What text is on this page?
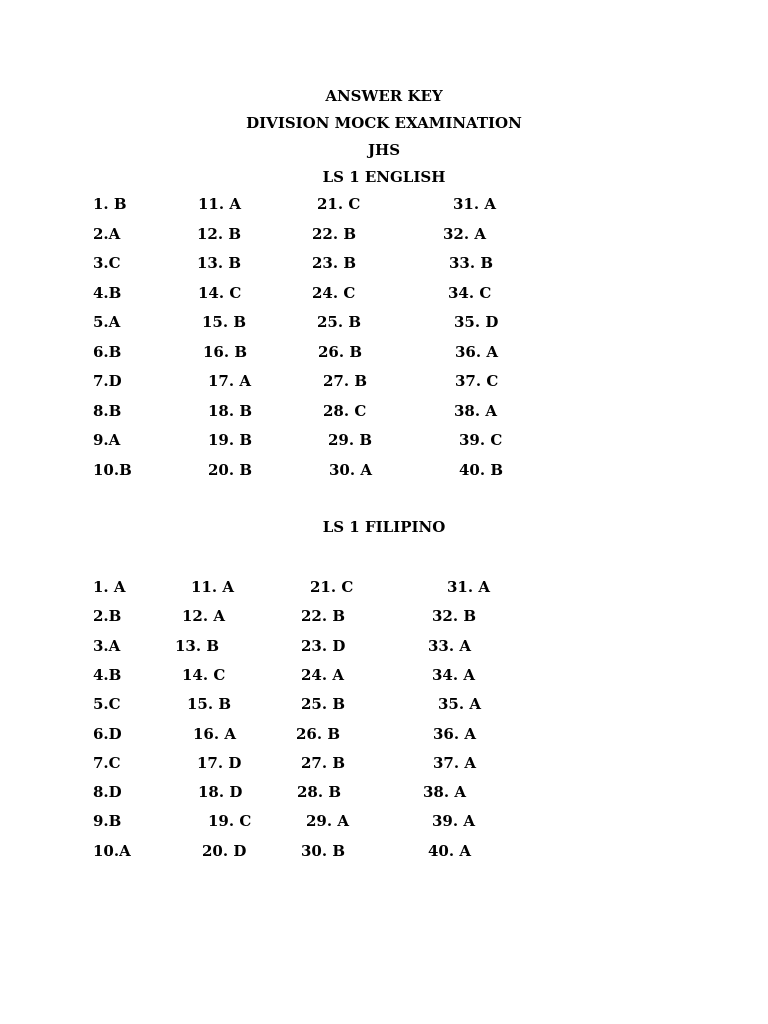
ANSWER KEY
DIVISION MOCK EXAMINATION
JHS
LS 1 ENGLISH
1. B	11. A	21. C	31. A
2.A	12. B	22. B	32. A
3.C	13. B	23. B	33. B
4.B	14. C	24. C	34. C
5.A	15. B	25. B	35. D
6.B	16. B	26. B	36. A
7.D	17. A	27. B	37. C
8.B	18. B	28. C	38. A
9.A	19. B	29. B	39. C
10.B	20. B	30. A	40. B
LS 1 FILIPINO
1. A	11. A	21. C	31. A
2.B	12. A	22. B	32. B
3.A	13. B	23. D	33. A
4.B	14. C	24. A	34. A
5.C	15. B	25. B	35. A
6.D	16. A	26. B	36. A
7.C	17. D	27. B	37. A
8.D	18. D	28. B	38. A
9.B	19. C	29. A	39. A
10.A	20. D	30. B	40. A
